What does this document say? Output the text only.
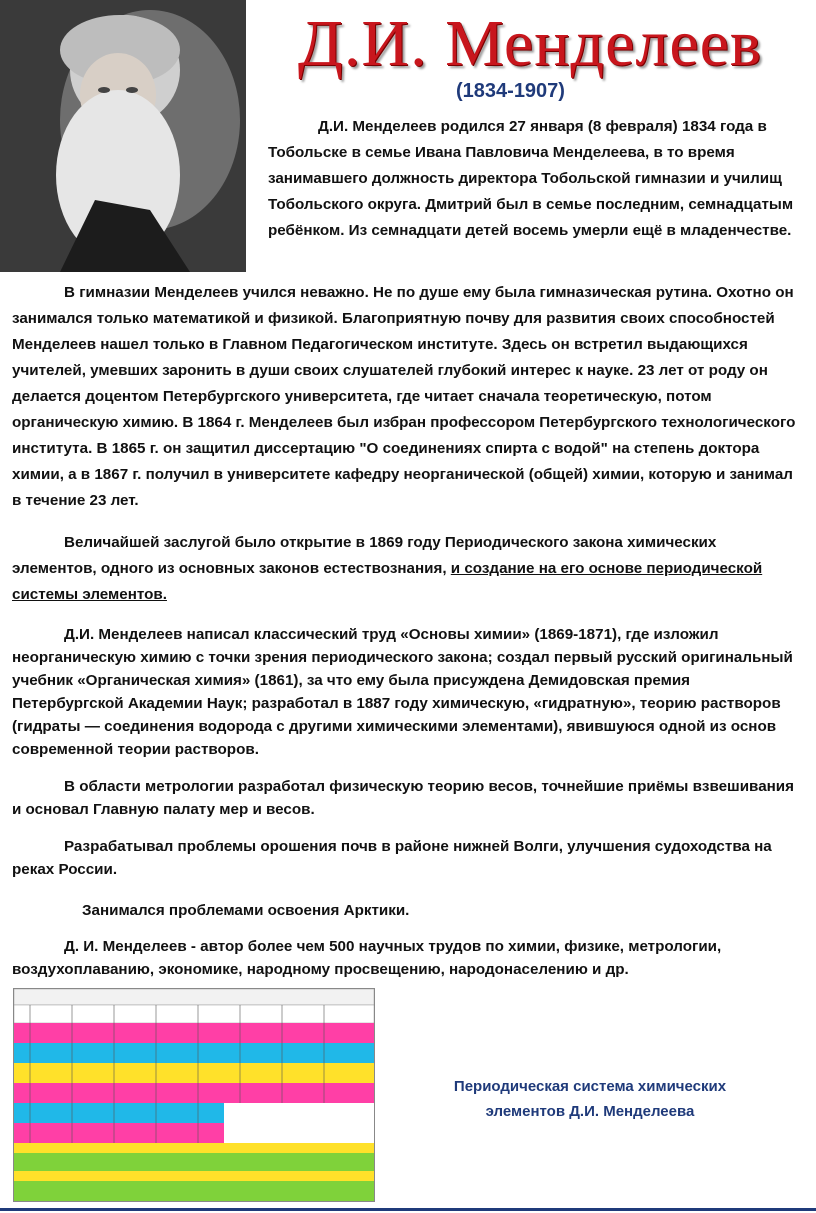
Д.И. Менделеев
(1834-1907)

Д.И. Менделеев родился 27 января (8 февраля) 1834 года в Тобольске в семье Ивана Павловича Менделеева, в то время занимавшего должность директора Тобольской гимназии и училищ Тобольского округа. Дмитрий был в семье последним, семнадцатым ребёнком. Из семнадцати детей восемь умерли ещё в младенчестве.

В гимназии Менделеев учился неважно. Не по душе ему была гимназическая рутина. Охотно он занимался только математикой и физикой. Благоприятную почву для развития своих способностей Менделеев нашел только в Главном Педагогическом институте. Здесь он встретил выдающихся учителей, умевших заронить в души своих слушателей глубокий интерес к науке. 23 лет от роду он делается доцентом Петербургского университета, где читает сначала теоретическую, потом органическую химию. В 1864 г. Менделеев был избран профессором Петербургского технологического института. В 1865 г. он защитил диссертацию "О соединениях спирта с водой" на степень доктора химии, а в 1867 г. получил в университете кафедру неорганической (общей) химии, которую и занимал в течение 23 лет.

Величайшей заслугой было открытие в 1869 году Периодического закона химических элементов, одного из основных законов естествознания, и создание на его основе периодической системы элементов.

Д.И. Менделеев написал классический труд «Основы химии» (1869-1871), где изложил неорганическую химию с точки зрения периодического закона; создал первый русский оригинальный учебник «Органическая химия» (1861), за что ему была присуждена Демидовская премия Петербургской Академии Наук; разработал в 1887 году химическую, «гидратную», теорию растворов (гидраты — соединения водорода с другими химическими элементами), явившуюся одной из основ современной теории растворов.

В области метрологии разработал физическую теорию весов, точнейшие приёмы взвешивания и основал Главную палату мер и весов.

Разрабатывал проблемы орошения почв в районе нижней Волги, улучшения судоходства на реках России.

Занимался проблемами освоения Арктики.

Д. И. Менделеев - автор более чем 500 научных трудов по химии, физике, метрологии, воздухоплаванию, экономике, народному просвещению, народонаселению и др.

Периодическая система химических
элементов Д.И. Менделеева
